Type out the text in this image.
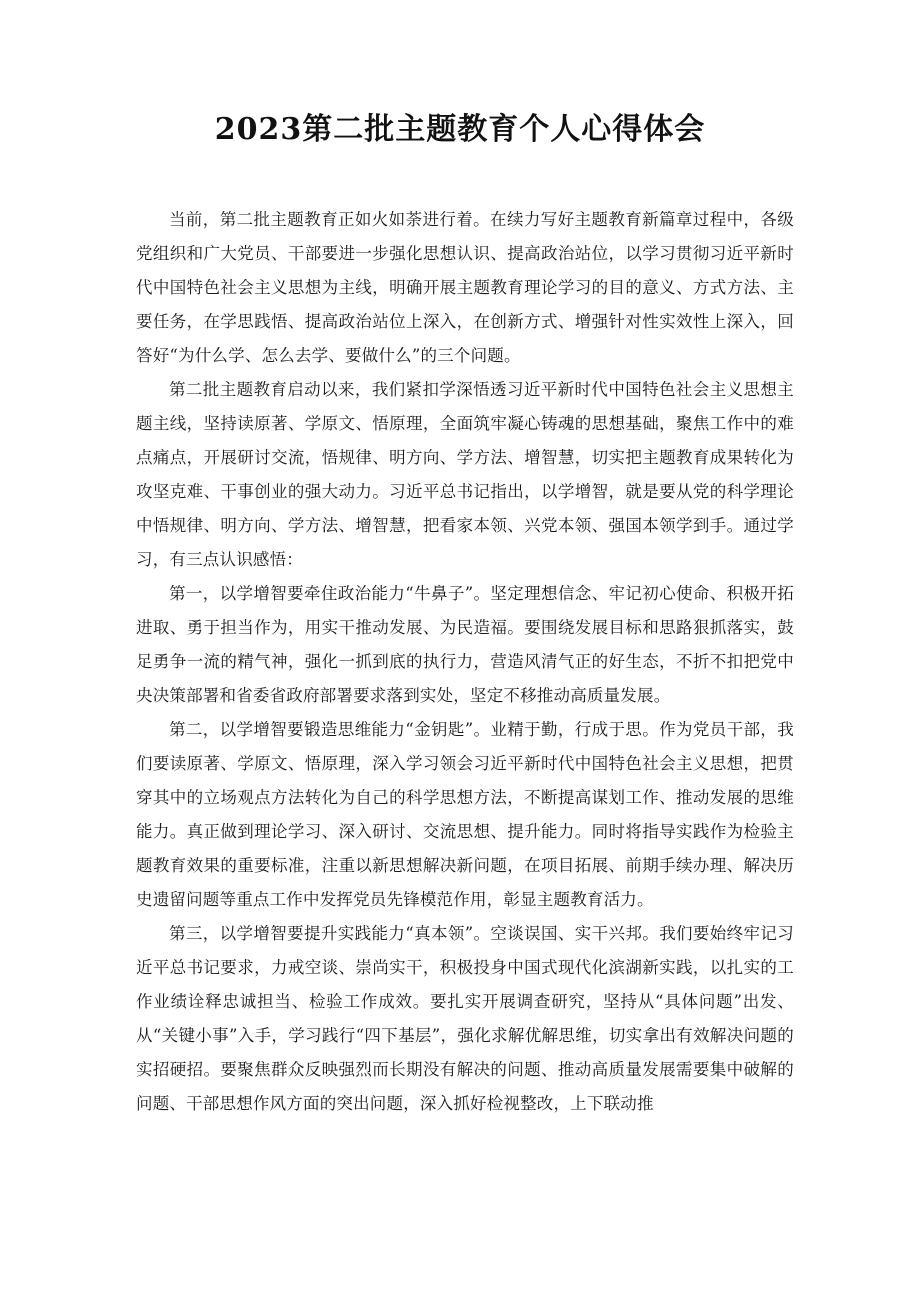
2023第二批主题教育个人心得体会

当前，第二批主题教育正如火如荼进行着。在续力写好主题教育新篇章过程中，各级党组织和广大党员、干部要进一步强化思想认识、提高政治站位，以学习贯彻习近平新时代中国特色社会主义思想为主线，明确开展主题教育理论学习的目的意义、方式方法、主要任务，在学思践悟、提高政治站位上深入，在创新方式、增强针对性实效性上深入，回答好“为什么学、怎么去学、要做什么”的三个问题。

第二批主题教育启动以来，我们紧扣学深悟透习近平新时代中国特色社会主义思想主题主线，坚持读原著、学原文、悟原理，全面筑牢凝心铸魂的思想基础，聚焦工作中的难点痛点，开展研讨交流，悟规律、明方向、学方法、增智慧，切实把主题教育成果转化为攻坚克难、干事创业的强大动力。习近平总书记指出，以学增智，就是要从党的科学理论中悟规律、明方向、学方法、增智慧，把看家本领、兴党本领、强国本领学到手。通过学习，有三点认识感悟：

第一，以学增智要牵住政治能力“牛鼻子”。坚定理想信念、牢记初心使命、积极开拓进取、勇于担当作为，用实干推动发展、为民造福。要围绕发展目标和思路狠抓落实，鼓足勇争一流的精气神，强化一抓到底的执行力，营造风清气正的好生态，不折不扣把党中央决策部署和省委省政府部署要求落到实处，坚定不移推动高质量发展。

第二，以学增智要锻造思维能力“金钥匙”。业精于勤，行成于思。作为党员干部，我们要读原著、学原文、悟原理，深入学习领会习近平新时代中国特色社会主义思想，把贯穿其中的立场观点方法转化为自己的科学思想方法，不断提高谋划工作、推动发展的思维能力。真正做到理论学习、深入研讨、交流思想、提升能力。同时将指导实践作为检验主题教育效果的重要标准，注重以新思想解决新问题，在项目拓展、前期手续办理、解决历史遗留问题等重点工作中发挥党员先锋模范作用，彰显主题教育活力。

第三，以学增智要提升实践能力“真本领”。空谈误国、实干兴邦。我们要始终牢记习近平总书记要求，力戒空谈、崇尚实干，积极投身中国式现代化滨湖新实践，以扎实的工作业绩诠释忠诚担当、检验工作成效。要扎实开展调查研究，坚持从“具体问题”出发、从“关键小事”入手，学习践行“四下基层”，强化求解优解思维，切实拿出有效解决问题的实招硬招。要聚焦群众反映强烈而长期没有解决的问题、推动高质量发展需要集中破解的问题、干部思想作风方面的突出问题，深入抓好检视整改，上下联动推
